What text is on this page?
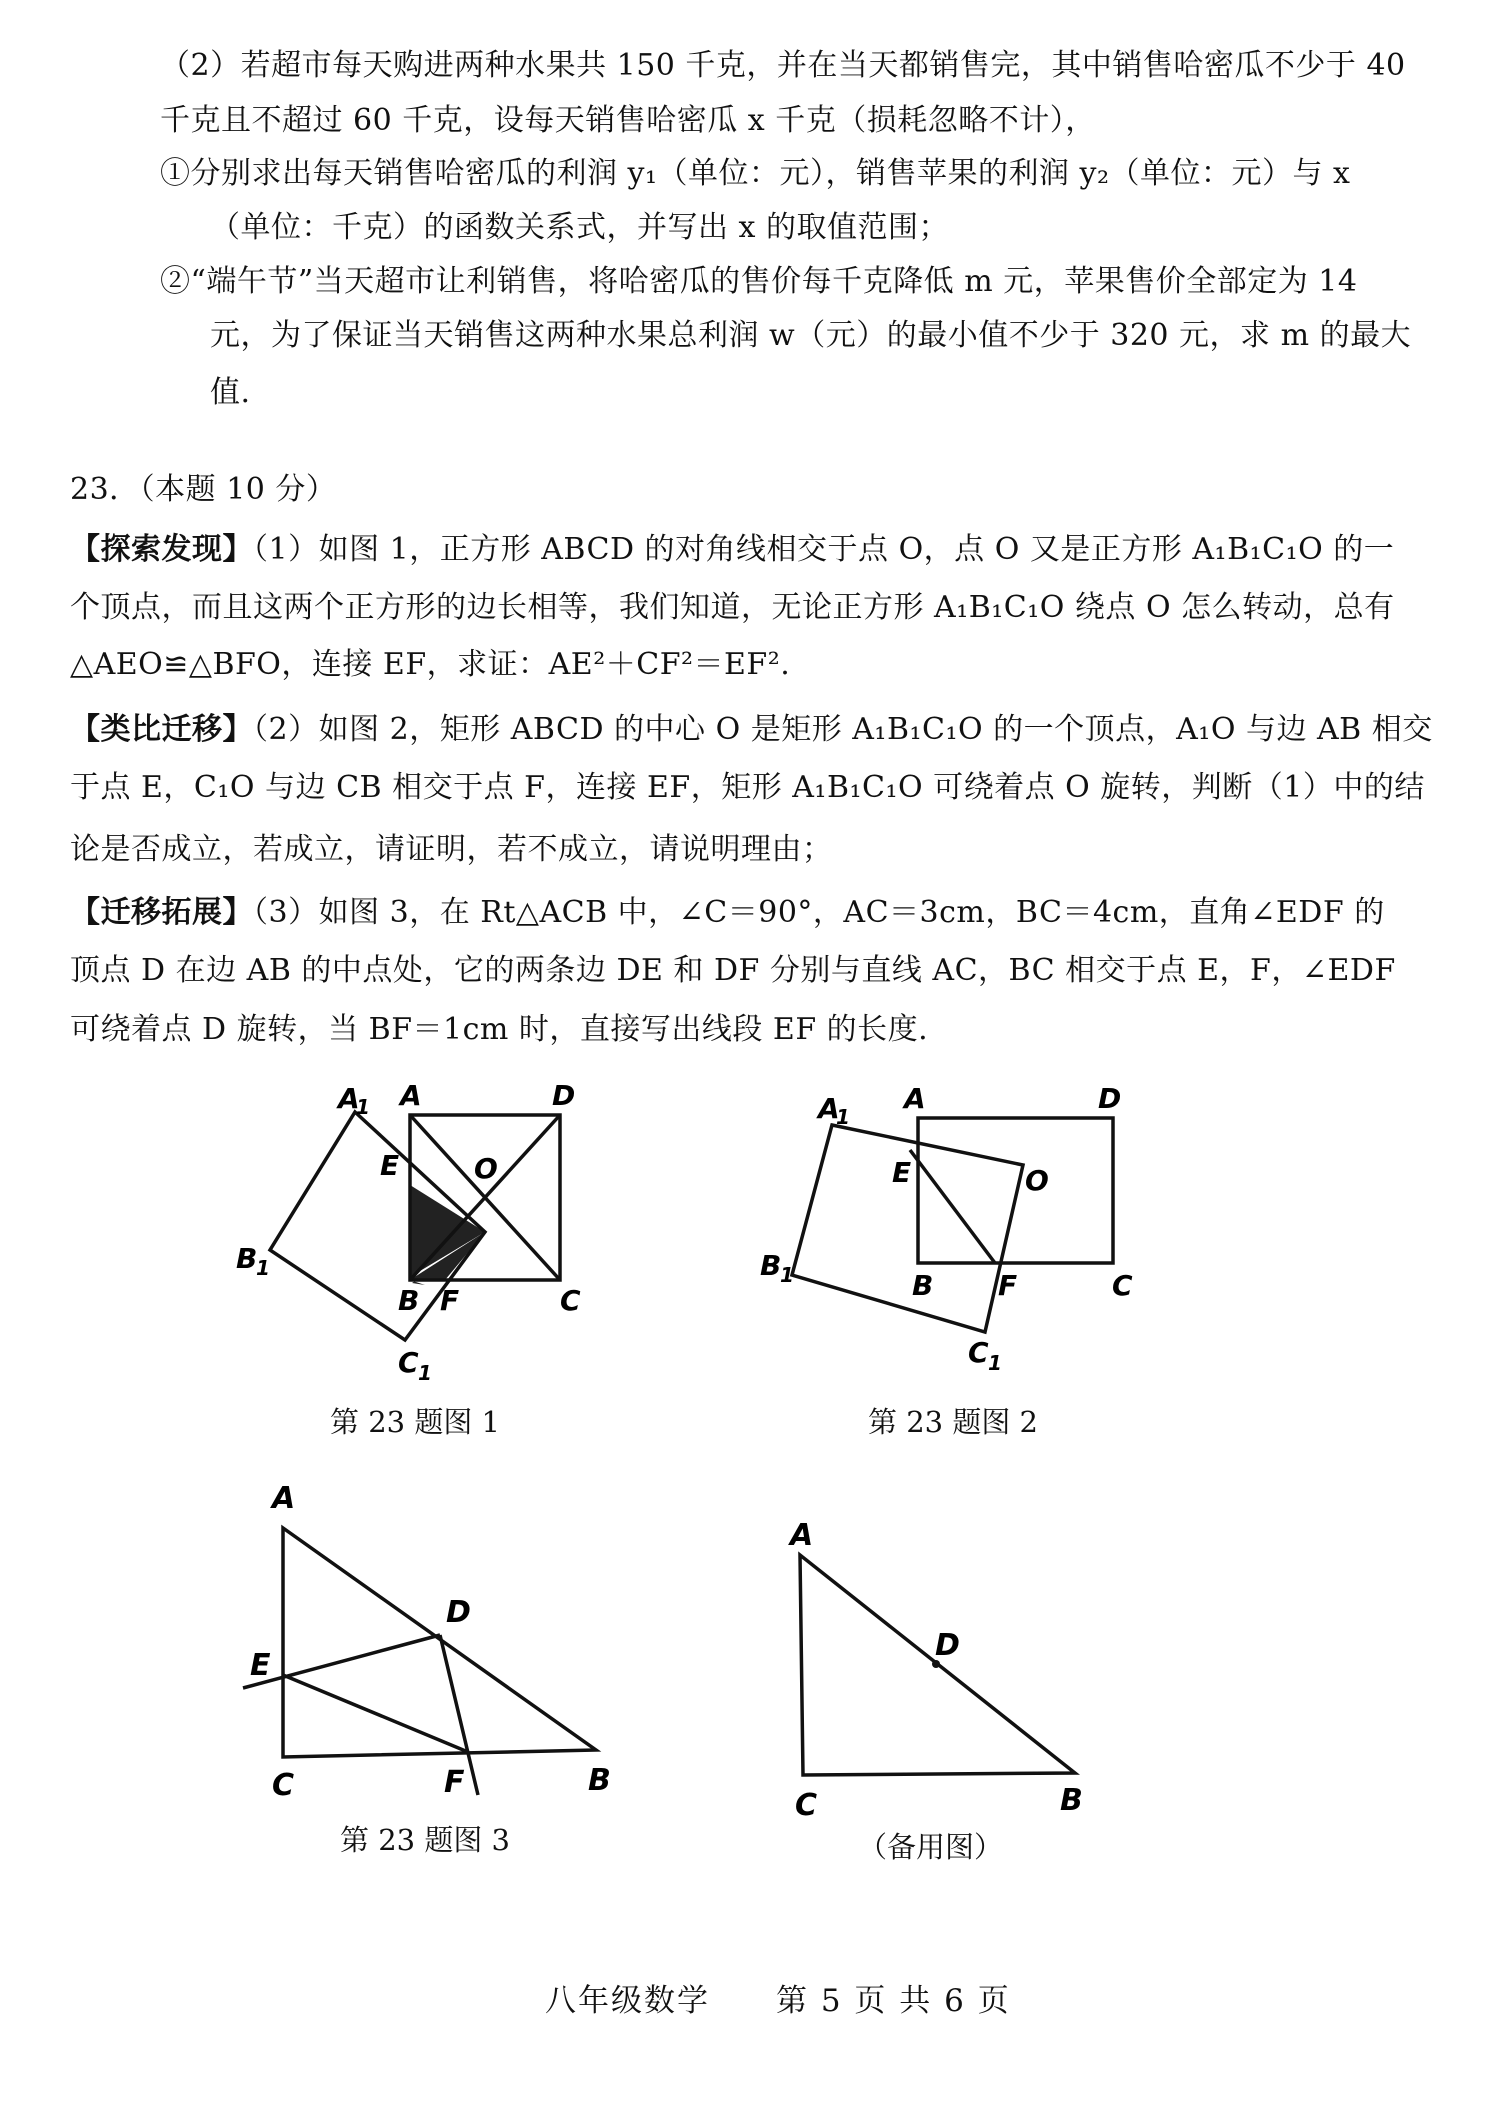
（2）若超市每天购进两种水果共 150 千克，并在当天都销售完，其中销售哈密瓜不少于 40
千克且不超过 60 千克，设每天销售哈密瓜 x 千克（损耗忽略不计），
①分别求出每天销售哈密瓜的利润 y₁（单位：元），销售苹果的利润 y₂（单位：元）与 x
（单位：千克）的函数关系式，并写出 x 的取值范围；
②“端午节”当天超市让利销售，将哈密瓜的售价每千克降低 m 元，苹果售价全部定为 14
元，为了保证当天销售这两种水果总利润 w（元）的最小值不少于 320 元，求 m 的最大
值.
23．（本题 10 分）
【探索发现】（1）如图 1，正方形 ABCD 的对角线相交于点 O，点 O 又是正方形 A₁B₁C₁O 的一
个顶点，而且这两个正方形的边长相等，我们知道，无论正方形 A₁B₁C₁O 绕点 O 怎么转动，总有
△AEO≌△BFO，连接 EF，求证：AE²＋CF²＝EF².
【类比迁移】（2）如图 2，矩形 ABCD 的中心 O 是矩形 A₁B₁C₁O 的一个顶点，A₁O 与边 AB 相交
于点 E，C₁O 与边 CB 相交于点 F，连接 EF，矩形 A₁B₁C₁O 可绕着点 O 旋转，判断（1）中的结
论是否成立，若成立，请证明，若不成立，请说明理由；
【迁移拓展】（3）如图 3，在 Rt△ACB 中，∠C＝90°，AC＝3cm，BC＝4cm，直角∠EDF 的
顶点 D 在边 AB 的中点处，它的两条边 DE 和 DF 分别与直线 AC，BC 相交于点 E，F，∠EDF
可绕着点 D 旋转，当 BF＝1cm 时，直接写出线段 EF 的长度.
A
1 A	D
E	O
B
1
B F	C
C 1
A
1
A	D
E	O
B
1	B F	C
C 1
第 23 题图 1	第 23 题图 2
A
D
E
C	F	B
A
D
C	B
第 23 题图 3	（备用图）
八年级数学　　第 5 页 共 6 页
